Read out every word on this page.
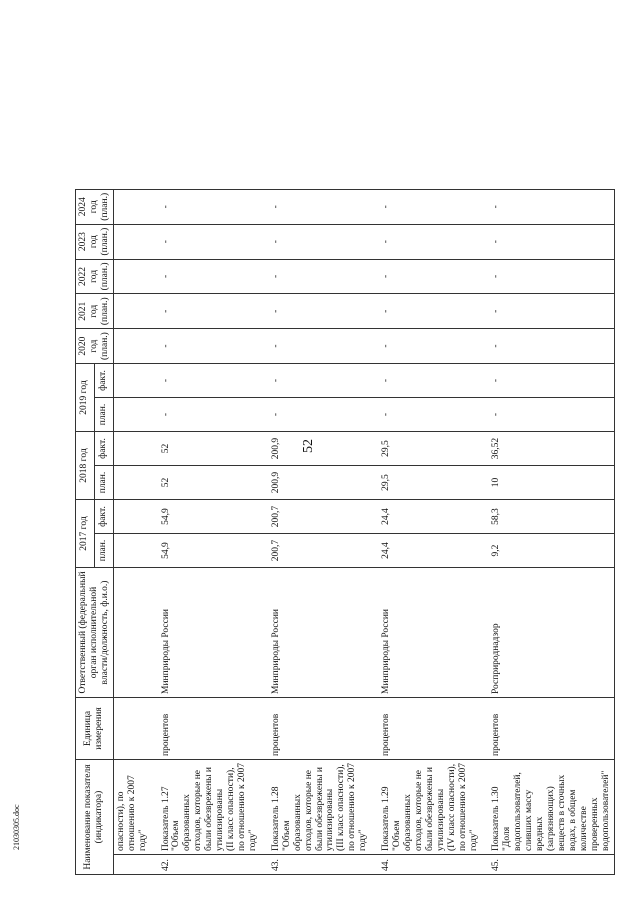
52
21030305.doc	Наименование показателя (индикатора)		Единица измерения	Ответственный (федеральный орган исполнительной власти/должность, ф.и.о.)	2017 год		2018 год		2019 год		2020 год (план.)	2021 год (план.)	2022 год (план.)	2023 год (план.)	2024 год (план.)
				план.	факт.	план.	факт.	план.	факт.					
	опасности), по
отношению к 2007 году"													
42.	Показатель 1.27
"Объем образованных отходов, которые не были обезврежены и утилизированы
(II класс опасности), по отношению к 2007 году"	процентов	Минприроды России	54,9	54,9	52	52	-	-	-	-	-	-	-
43.	Показатель 1.28
"Объем образованных отходов, которые не были обезврежены и утилизированы
(III класс опасности), по отношению к 2007 году"	процентов	Минприроды России	200,7	200,7	200,9	200,9	-	-	-	-	-	-	-
44.	Показатель 1.29
"Объем образованных отходов, которые не были обезврежены и утилизированы
(IV класс опасности), по отношению к 2007 году"	процентов	Минприроды России	24,4	24,4	29,5	29,5	-	-	-	-	-	-	-
45.	Показатель 1.30
"Доля водопользователей, сливших массу вредных (загрязняющих) веществ в сточных водах, в общем количестве проверенных водопользователей"	процентов	Росприроднадзор	9,2	58,3	10	36,52	-	-	-	-	-	-	-
